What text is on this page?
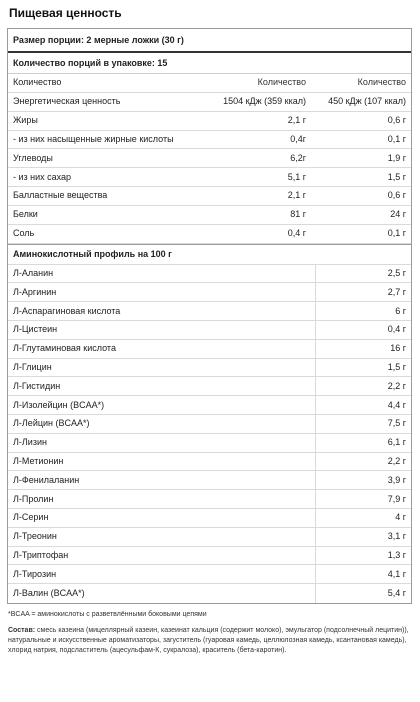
Пищевая ценность
Размер порции: 2 мерные ложки (30 г)
Количество порций в упаковке: 15
Количество	Количество	Количество
Энергетическая ценность	1504 кДж (359 ккал)	450 кДж (107 ккал)
Жиры	2,1 г	0,6 г
- из них насыщенные жирные кислоты	0,4г	0,1 г
Углеводы	6,2г	1,9 г
- из них сахар	5,1 г	1,5 г
Балластные вещества	2,1 г	0,6 г
Белки	81 г	24 г
Соль	0,4 г	0,1 г
Аминокислотный профиль на 100 г
Л-Аланин	2,5 г
Л-Аргинин	2,7 г
Л-Аспарагиновая кислота	6 г
Л-Цистеин	0,4 г
Л-Глутаминовая кислота	16 г
Л-Глицин	1,5 г
Л-Гистидин	2,2 г
Л-Изолейцин (BCAA*)	4,4 г
Л-Лейцин (BCAA*)	7,5 г
Л-Лизин	6,1 г
Л-Метионин	2,2 г
Л-Фенилаланин	3,9 г
Л-Пролин	7,9 г
Л-Серин	4 г
Л-Треонин	3,1 г
Л-Триптофан	1,3 г
Л-Тирозин	4,1 г
Л-Валин (BCAA*)	5,4 г

*BCAA = аминокислоты с разветвлёнными боковыми цепями

Состав: смесь казеина (мицеллярный казеин, казеинат кальция (содержит молоко), эмульгатор (подсолнечный лецитин)), натуральные и искусственные ароматизаторы, загуститель (гуаровая камедь, целлюлозная камедь, ксантановая камедь), хлорид натрия, подсластитель (ацесульфам-К, сукралоза), краситель (бета-каротин).
